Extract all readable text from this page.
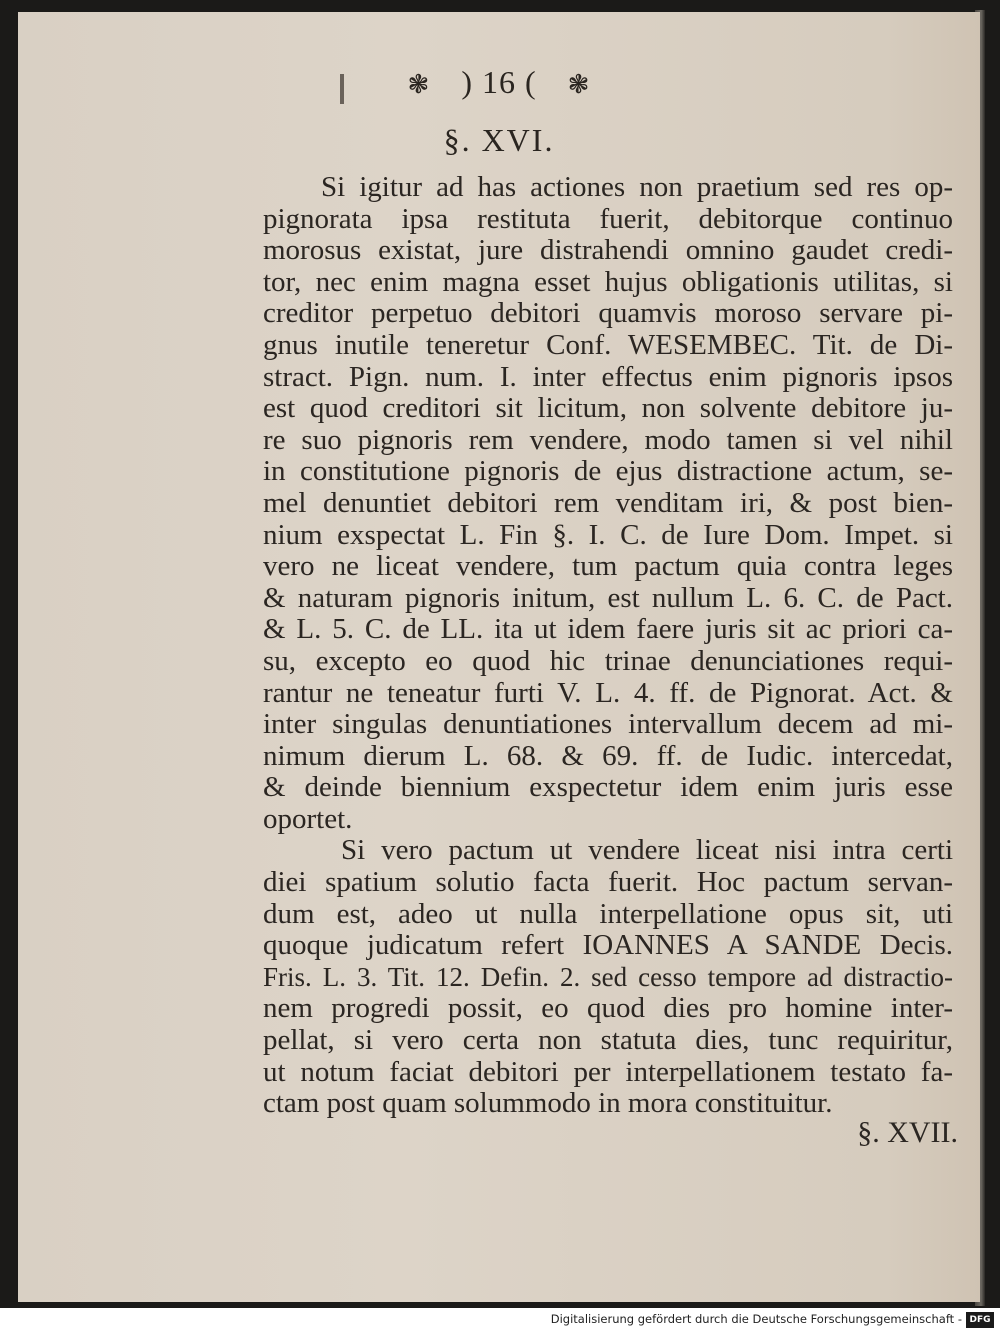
❃ ) 16 ( ❃
§. XVI.
Si igitur ad has actiones non praetium sed res op-
pignorata ipsa restituta fuerit, debitorque continuo
morosus existat, jure distrahendi omnino gaudet credi-
tor, nec enim magna esset hujus obligationis utilitas, si
creditor perpetuo debitori quamvis moroso servare pi-
gnus inutile teneretur Conf. WESEMBEC. Tit. de Di-
stract. Pign. num. I. inter effectus enim pignoris ipsos
est quod creditori sit licitum, non solvente debitore ju-
re suo pignoris rem vendere, modo tamen si vel nihil
in constitutione pignoris de ejus distractione actum, se-
mel denuntiet debitori rem venditam iri, & post bien-
nium exspectat L. Fin §. I. C. de Iure Dom. Impet. si
vero ne liceat vendere, tum pactum quia contra leges
& naturam pignoris initum, est nullum L. 6. C. de Pact.
& L. 5. C. de LL. ita ut idem faere juris sit ac priori ca-
su, excepto eo quod hic trinae denunciationes requi-
rantur ne teneatur furti V. L. 4. ff. de Pignorat. Act. &
inter singulas denuntiationes intervallum decem ad mi-
nimum dierum L. 68. & 69. ff. de Iudic. intercedat,
& deinde biennium exspectetur idem enim juris esse
oportet.
Si vero pactum ut vendere liceat nisi intra certi
diei spatium solutio facta fuerit. Hoc pactum servan-
dum est, adeo ut nulla interpellatione opus sit, uti
quoque judicatum refert IOANNES A SANDE Decis.
Fris. L. 3. Tit. 12. Defin. 2. sed cesso tempore ad distractio-
nem progredi possit, eo quod dies pro homine inter-
pellat, si vero certa non statuta dies, tunc requiritur,
ut notum faciat debitori per interpellationem testato fa-
ctam post quam solummodo in mora constituitur.
§. XVII.
Digitalisierung gefördert durch die Deutsche Forschungsgemeinschaft - DFG
